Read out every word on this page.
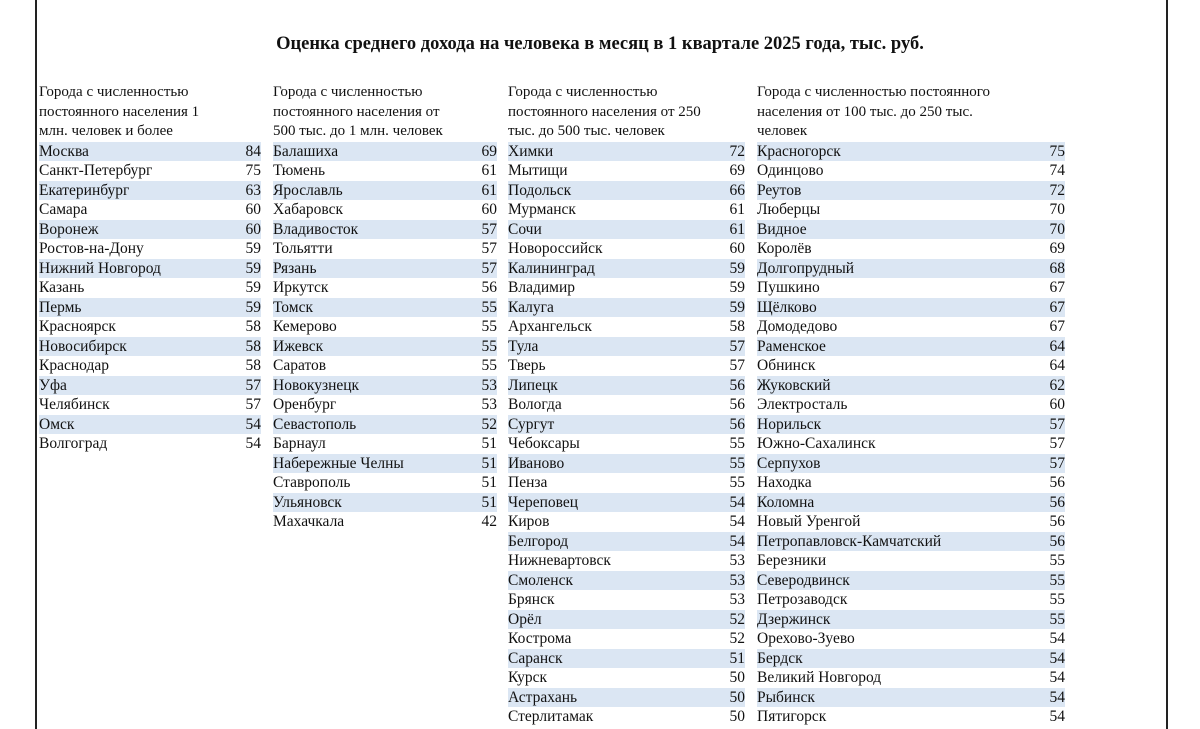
Оценка среднего дохода на человека в месяц в 1 квартале 2025 года, тыс. руб.
Города с численностью
постоянного населения 1
млн. человек и более
Москва	84
Санкт-Петербург	75
Екатеринбург	63
Самара	60
Воронеж	60
Ростов-на-Дону	59
Нижний Новгород	59
Казань	59
Пермь	59
Красноярск	58
Новосибирск	58
Краснодар	58
Уфа	57
Челябинск	57
Омск	54
Волгоград	54
Города с численностью
постоянного населения от
500 тыс. до 1 млн. человек
Балашиха	69
Тюмень	61
Ярославль	61
Хабаровск	60
Владивосток	57
Тольятти	57
Рязань	57
Иркутск	56
Томск	55
Кемерово	55
Ижевск	55
Саратов	55
Новокузнецк	53
Оренбург	53
Севастополь	52
Барнаул	51
Набережные Челны	51
Ставрополь	51
Ульяновск	51
Махачкала	42
Города с численностью
постоянного населения от 250
тыс. до 500 тыс. человек
Химки	72
Мытищи	69
Подольск	66
Мурманск	61
Сочи	61
Новороссийск	60
Калининград	59
Владимир	59
Калуга	59
Архангельск	58
Тула	57
Тверь	57
Липецк	56
Вологда	56
Сургут	56
Чебоксары	55
Иваново	55
Пенза	55
Череповец	54
Киров	54
Белгород	54
Нижневартовск	53
Смоленск	53
Брянск	53
Орёл	52
Кострома	52
Саранск	51
Курск	50
Астрахань	50
Стерлитамак	50
Города с численностью постоянного
населения от 100 тыс. до 250 тыс.
человек
Красногорск	75
Одинцово	74
Реутов	72
Люберцы	70
Видное	70
Королёв	69
Долгопрудный	68
Пушкино	67
Щёлково	67
Домодедово	67
Раменское	64
Обнинск	64
Жуковский	62
Электросталь	60
Норильск	57
Южно-Сахалинск	57
Серпухов	57
Находка	56
Коломна	56
Новый Уренгой	56
Петропавловск-Камчатский	56
Березники	55
Северодвинск	55
Петрозаводск	55
Дзержинск	55
Орехово-Зуево	54
Бердск	54
Великий Новгород	54
Рыбинск	54
Пятигорск	54
